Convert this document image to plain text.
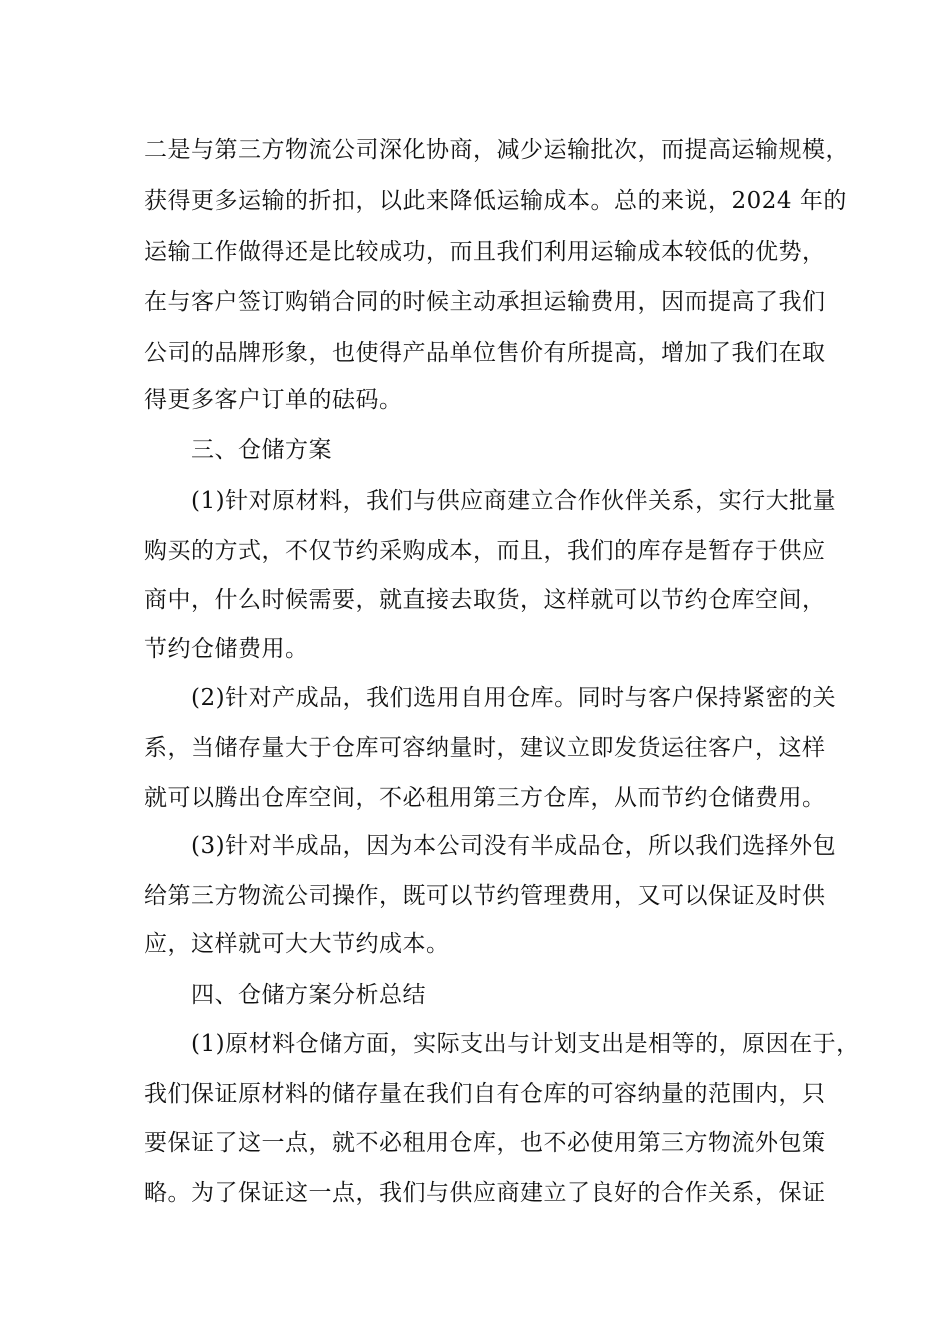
二是与第三方物流公司深化协商，减少运输批次，而提高运输规模，
获得更多运输的折扣，以此来降低运输成本。总的来说，2024 年的
运输工作做得还是比较成功，而且我们利用运输成本较低的优势，
在与客户签订购销合同的时候主动承担运输费用，因而提高了我们
公司的品牌形象，也使得产品单位售价有所提高，增加了我们在取
得更多客户订单的砝码。
三、仓储方案
(1)针对原材料，我们与供应商建立合作伙伴关系，实行大批量
购买的方式，不仅节约采购成本，而且，我们的库存是暂存于供应
商中，什么时候需要，就直接去取货，这样就可以节约仓库空间，
节约仓储费用。
(2)针对产成品，我们选用自用仓库。同时与客户保持紧密的关
系，当储存量大于仓库可容纳量时，建议立即发货运往客户，这样
就可以腾出仓库空间，不必租用第三方仓库，从而节约仓储费用。
(3)针对半成品，因为本公司没有半成品仓，所以我们选择外包
给第三方物流公司操作，既可以节约管理费用，又可以保证及时供
应，这样就可大大节约成本。
四、仓储方案分析总结
(1)原材料仓储方面，实际支出与计划支出是相等的，原因在于，
我们保证原材料的储存量在我们自有仓库的可容纳量的范围内，只
要保证了这一点，就不必租用仓库，也不必使用第三方物流外包策
略。为了保证这一点，我们与供应商建立了良好的合作关系，保证
